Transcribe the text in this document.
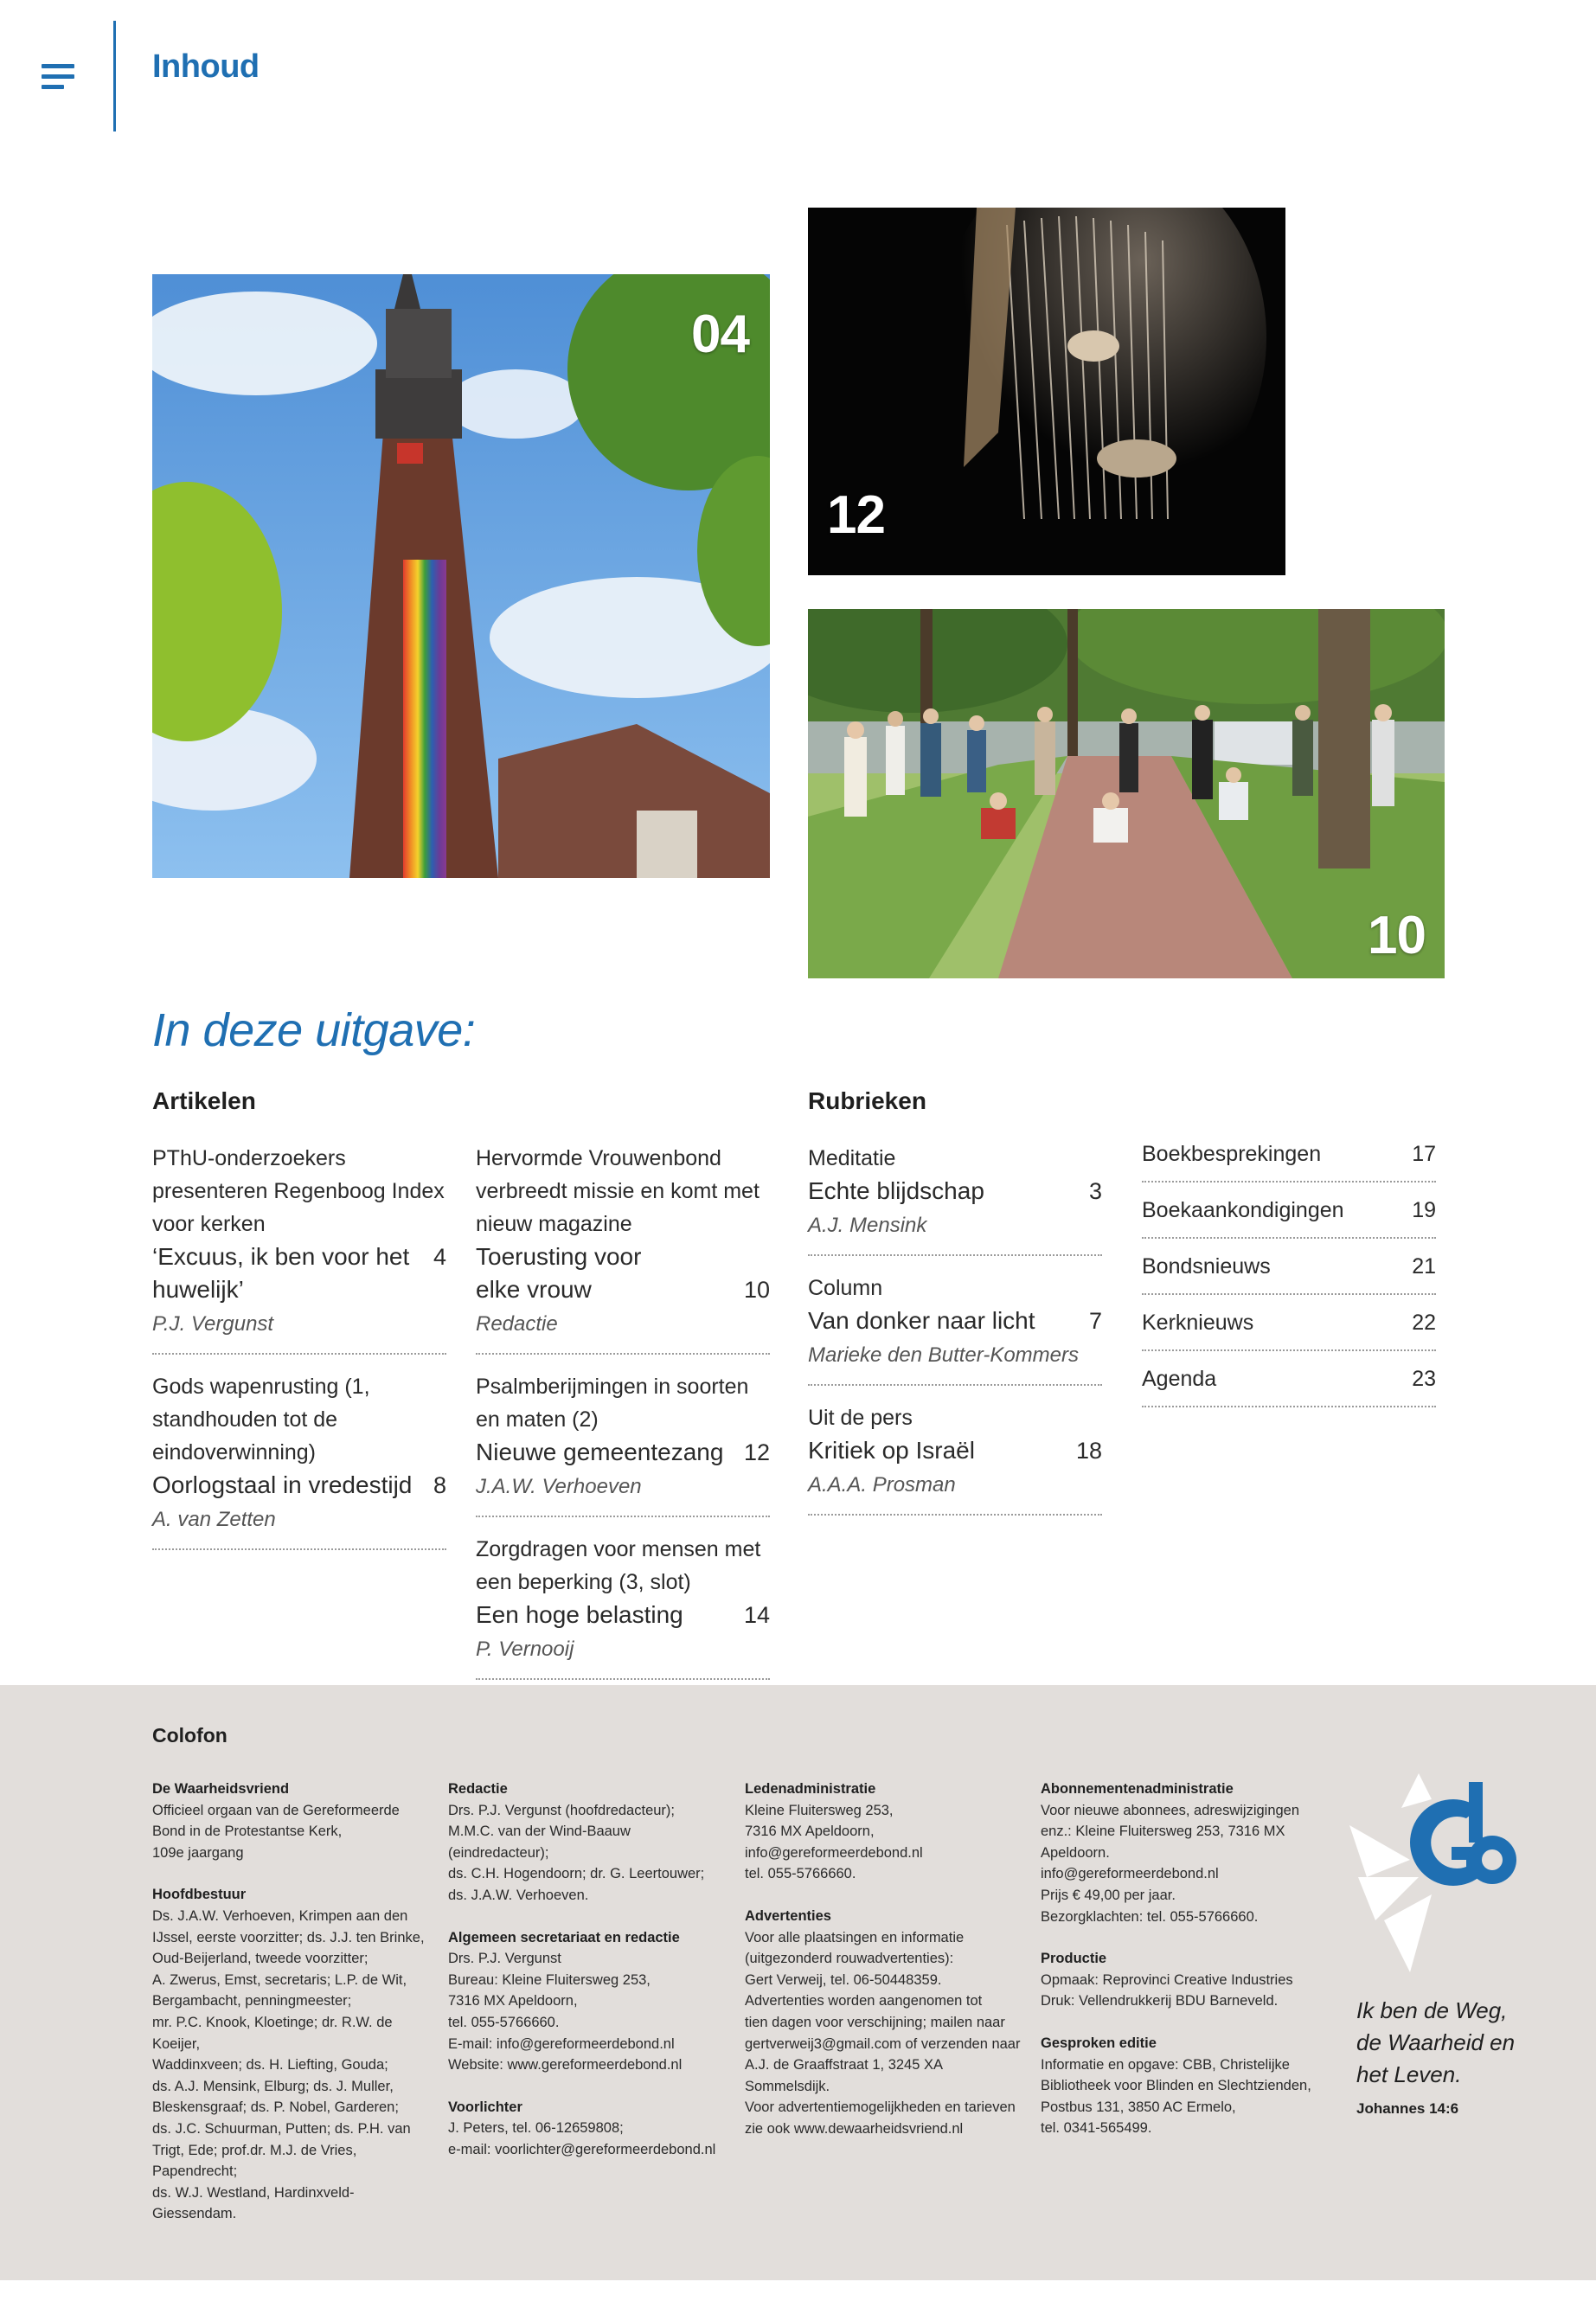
Inhoud
04
12
10
In deze uitgave:
Artikelen	Rubrieken
PThU-onderzoekers presenteren Regenboog Index voor kerken
‘Excuus, ik ben voor het huwelijk’
4
P.J. Vergunst
Gods wapenrusting (1, standhouden tot de eindoverwinning)
Oorlogstaal in vredestijd 8
A. van Zetten
Hervormde Vrouwenbond verbreedt missie en komt met nieuw magazine
Toerusting voor elke vrouw	10
Redactie
Psalmberijmingen in soorten en maten (2)
Nieuwe gemeentezang 12
J.A.W. Verhoeven
Zorgdragen voor mensen met een beperking (3, slot)
Een hoge belasting	14
P. Vernooij
Meditatie
Echte blijdschap	3
A.J. Mensink
Column
Van donker naar licht	7
Marieke den Butter-Kommers
Uit de pers
Kritiek op Israël	18
A.A.A. Prosman
Boekbesprekingen	17
Boekaankondigingen	19
Bondsnieuws	21
Kerknieuws	22
Agenda	23
Colofon

De Waarheidsvriend

Officieel orgaan van de Gereformeerde

Bond in de Protestantse Kerk,

109e jaargang

Hoofdbestuur

Ds. J.A.W. Verhoeven, Krimpen aan den

IJssel, eerste voorzitter; ds. J.J. ten Brinke,

Oud-Beijerland, tweede voorzitter;

A. Zwerus, Emst, secretaris; L.P. de Wit,

Bergambacht, penningmeester;

mr. P.C. Knook, Kloetinge; dr. R.W. de Koeijer,

Waddinxveen; ds. H. Liefting, Gouda;

ds. A.J. Mensink, Elburg; ds. J. Muller,

Bleskensgraaf; ds. P. Nobel, Garderen;

ds. J.C. Schuurman, Putten; ds. P.H. van

Trigt, Ede; prof.dr. M.J. de Vries, Papendrecht;

ds. W.J. Westland, Hardinxveld-Giessendam.

Redactie

Drs. P.J. Vergunst (hoofdredacteur);

M.M.C. van der Wind-Baauw (eindredacteur);

ds. C.H. Hogendoorn; dr. G. Leertouwer;

ds. J.A.W. Verhoeven.

Algemeen secretariaat en redactie

Drs. P.J. Vergunst

Bureau: Kleine Fluitersweg 253,

7316 MX Apeldoorn,

tel. 055-5766660.

E-mail: info@gereformeerdebond.nl

Website: www.gereformeerdebond.nl

Voorlichter

J. Peters, tel. 06-12659808;

e-mail: voorlichter@gereformeerdebond.nl

Ledenadministratie

Kleine Fluitersweg 253,

7316 MX Apeldoorn,

info@gereformeerdebond.nl

tel. 055-5766660.

Advertenties

Voor alle plaatsingen en informatie

(uitgezonderd rouwadvertenties):

Gert Verweij, tel. 06-50448359.

Advertenties worden aangenomen tot

tien dagen voor verschijning; mailen naar

gertverweij3@gmail.com of verzenden naar

A.J. de Graaffstraat 1, 3245 XA Sommelsdijk.

Voor advertentiemogelijkheden en tarieven

zie ook www.dewaarheidsvriend.nl

Abonnementenadministratie

Voor nieuwe abonnees, adreswijzigingen

enz.: Kleine Fluitersweg 253, 7316 MX

Apeldoorn.

info@gereformeerdebond.nl

Prijs € 49,00 per jaar.

Bezorgklachten: tel. 055-5766660.

Productie

Opmaak: Reprovinci Creative Industries

Druk: Vellendrukkerij BDU Barneveld.

Gesproken editie

Informatie en opgave: CBB, Christelijke

Bibliotheek voor Blinden en Slechtzienden,

Postbus 131, 3850 AC Ermelo,

tel. 0341-565499.

Ik ben de Weg,
de Waarheid en
het Leven.
Johannes 14:6
